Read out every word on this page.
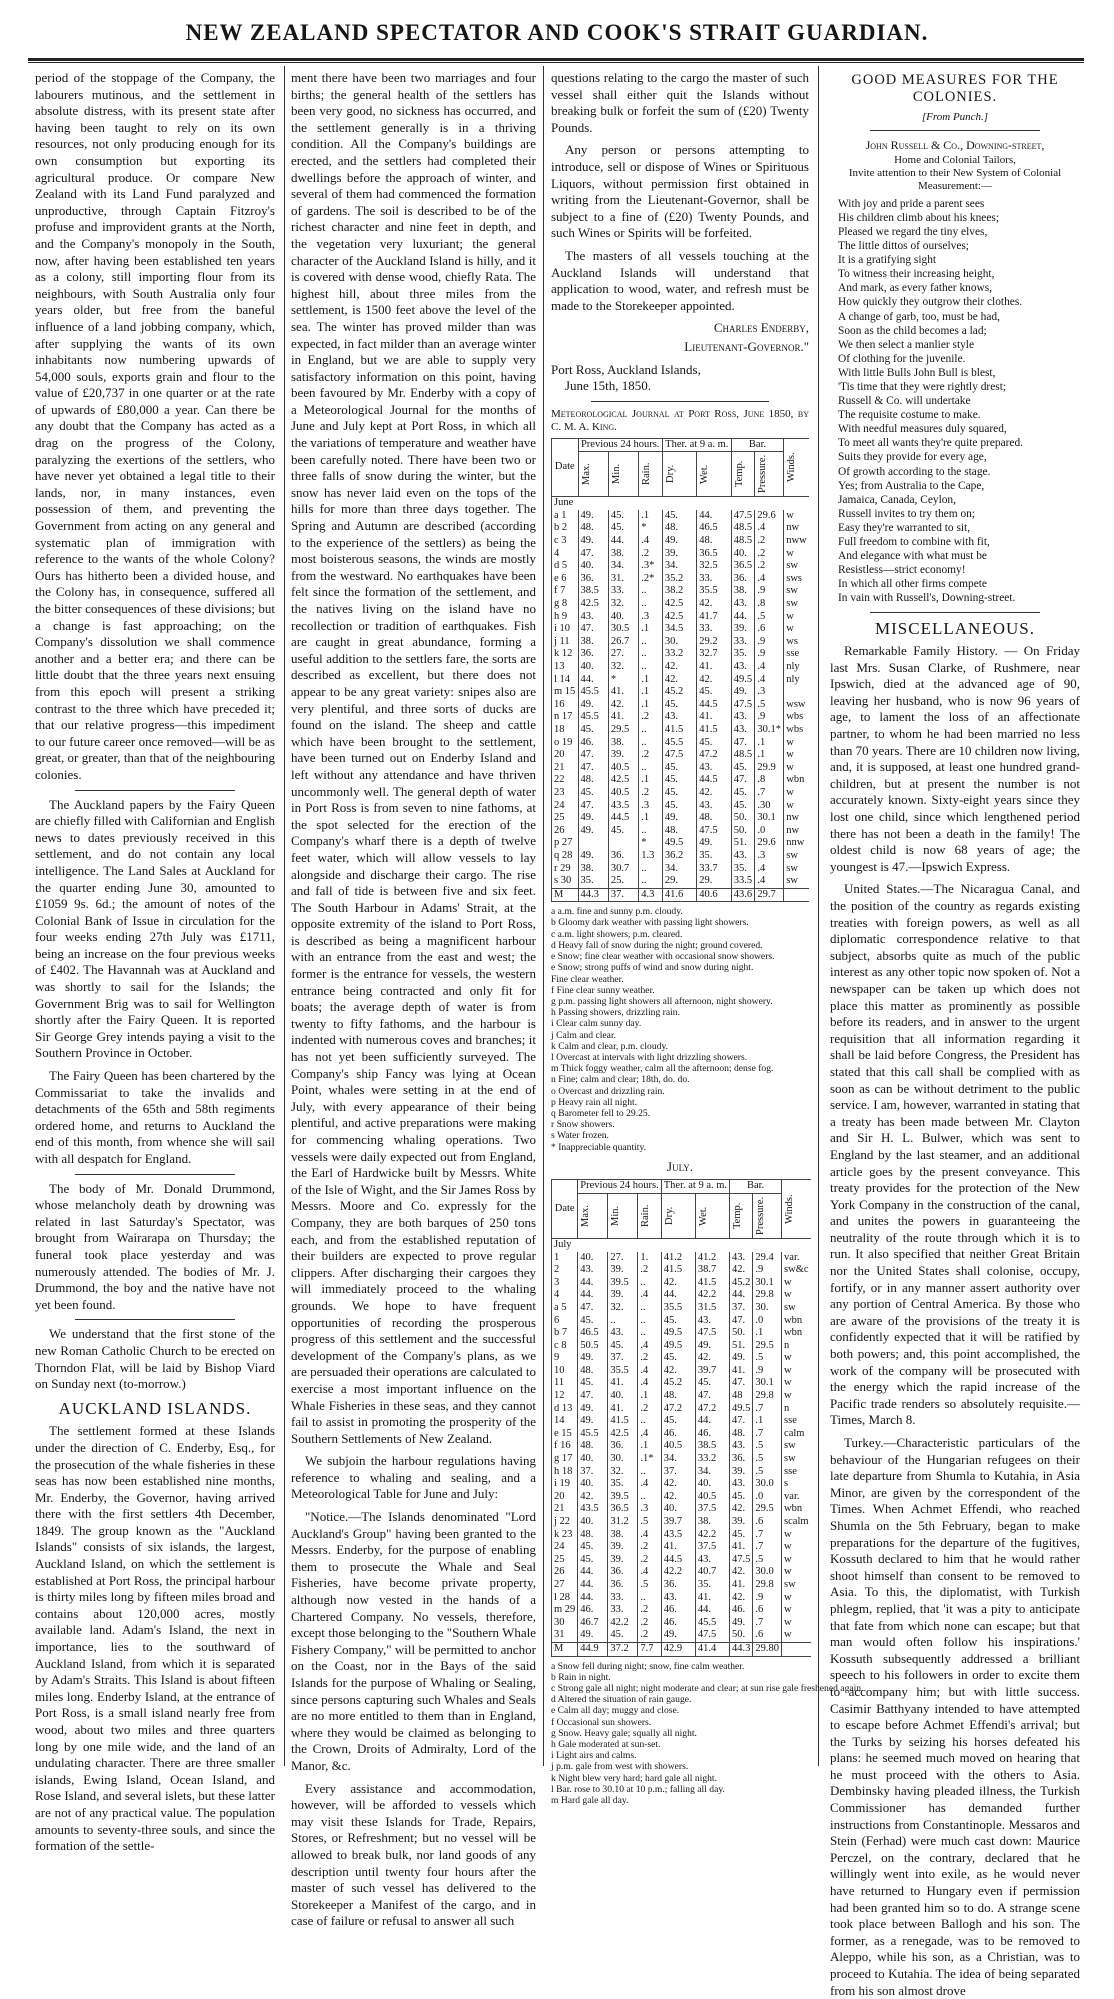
NEW ZEALAND SPECTATOR AND COOK'S STRAIT GUARDIAN.

period of the stoppage of the Company, the labourers mutinous, and the settlement in absolute distress, with its present state after having been taught to rely on its own resources, not only producing enough for its own consumption but exporting its agricultural produce. Or compare New Zealand with its Land Fund paralyzed and unproductive, through Captain Fitzroy's profuse and improvident grants at the North, and the Company's monopoly in the South, now, after having been established ten years as a colony, still importing flour from its neighbours, with South Australia only four years older, but free from the baneful influence of a land jobbing company, which, after supplying the wants of its own inhabitants now numbering upwards of 54,000 souls, exports grain and flour to the value of £20,737 in one quarter or at the rate of upwards of £80,000 a year. Can there be any doubt that the Company has acted as a drag on the progress of the Colony, paralyzing the exertions of the settlers, who have never yet obtained a legal title to their lands, nor, in many instances, even possession of them, and preventing the Government from acting on any general and systematic plan of immigration with reference to the wants of the whole Colony? Ours has hitherto been a divided house, and the Colony has, in consequence, suffered all the bitter consequences of these divisions; but a change is fast approaching; on the Company's dissolution we shall commence another and a better era; and there can be little doubt that the three years next ensuing from this epoch will present a striking contrast to the three which have preceded it; that our relative progress—this impediment to our future career once removed—will be as great, or greater, than that of the neighbouring colonies.

The Auckland papers by the Fairy Queen are chiefly filled with Californian and English news to dates previously received in this settlement, and do not contain any local intelligence. The Land Sales at Auckland for the quarter ending June 30, amounted to £1059 9s. 6d.; the amount of notes of the Colonial Bank of Issue in circulation for the four weeks ending 27th July was £1711, being an increase on the four previous weeks of £402. The Havannah was at Auckland and was shortly to sail for the Islands; the Government Brig was to sail for Wellington shortly after the Fairy Queen. It is reported Sir George Grey intends paying a visit to the Southern Province in October.

The Fairy Queen has been chartered by the Commissariat to take the invalids and detachments of the 65th and 58th regiments ordered home, and returns to Auckland the end of this month, from whence she will sail with all despatch for England.

The body of Mr. Donald Drummond, whose melancholy death by drowning was related in last Saturday's Spectator, was brought from Wairarapa on Thursday; the funeral took place yesterday and was numerously attended. The bodies of Mr. J. Drummond, the boy and the native have not yet been found.

We understand that the first stone of the new Roman Catholic Church to be erected on Thorndon Flat, will be laid by Bishop Viard on Sunday next (to-morrow.)

AUCKLAND ISLANDS.

The settlement formed at these Islands under the direction of C. Enderby, Esq., for the prosecution of the whale fisheries in these seas has now been established nine months, Mr. Enderby, the Governor, having arrived there with the first settlers 4th December, 1849. The group known as the "Auckland Islands" consists of six islands, the largest, Auckland Island, on which the settlement is established at Port Ross, the principal harbour is thirty miles long by fifteen miles broad and contains about 120,000 acres, mostly available land. Adam's Island, the next in importance, lies to the southward of Auckland Island, from which it is separated by Adam's Straits. This Island is about fifteen miles long. Enderby Island, at the entrance of Port Ross, is a small island nearly free from wood, about two miles and three quarters long by one mile wide, and the land of an undulating character. There are three smaller islands, Ewing Island, Ocean Island, and Rose Island, and several islets, but these latter are not of any practical value. The population amounts to seventy-three souls, and since the formation of the settle-

ment there have been two marriages and four births; the general health of the settlers has been very good, no sickness has occurred, and the settlement generally is in a thriving condition. All the Company's buildings are erected, and the settlers had completed their dwellings before the approach of winter, and several of them had commenced the formation of gardens. The soil is described to be of the richest character and nine feet in depth, and the vegetation very luxuriant; the general character of the Auckland Island is hilly, and it is covered with dense wood, chiefly Rata. The highest hill, about three miles from the settlement, is 1500 feet above the level of the sea. The winter has proved milder than was expected, in fact milder than an average winter in England, but we are able to supply very satisfactory information on this point, having been favoured by Mr. Enderby with a copy of a Meteorological Journal for the months of June and July kept at Port Ross, in which all the variations of temperature and weather have been carefully noted. There have been two or three falls of snow during the winter, but the snow has never laid even on the tops of the hills for more than three days together. The Spring and Autumn are described (according to the experience of the settlers) as being the most boisterous seasons, the winds are mostly from the westward. No earthquakes have been felt since the formation of the settlement, and the natives living on the island have no recollection or tradition of earthquakes. Fish are caught in great abundance, forming a useful addition to the settlers fare, the sorts are described as excellent, but there does not appear to be any great variety: snipes also are very plentiful, and three sorts of ducks are found on the island. The sheep and cattle which have been brought to the settlement, have been turned out on Enderby Island and left without any attendance and have thriven uncommonly well. The general depth of water in Port Ross is from seven to nine fathoms, at the spot selected for the erection of the Company's wharf there is a depth of twelve feet water, which will allow vessels to lay alongside and discharge their cargo. The rise and fall of tide is between five and six feet. The South Harbour in Adams' Strait, at the opposite extremity of the island to Port Ross, is described as being a magnificent harbour with an entrance from the east and west; the former is the entrance for vessels, the western entrance being contracted and only fit for boats; the average depth of water is from twenty to fifty fathoms, and the harbour is indented with numerous coves and branches; it has not yet been sufficiently surveyed. The Company's ship Fancy was lying at Ocean Point, whales were setting in at the end of July, with every appearance of their being plentiful, and active preparations were making for commencing whaling operations. Two vessels were daily expected out from England, the Earl of Hardwicke built by Messrs. White of the Isle of Wight, and the Sir James Ross by Messrs. Moore and Co. expressly for the Company, they are both barques of 250 tons each, and from the established reputation of their builders are expected to prove regular clippers. After discharging their cargoes they will immediately proceed to the whaling grounds. We hope to have frequent opportunities of recording the prosperous progress of this settlement and the successful development of the Company's plans, as we are persuaded their operations are calculated to exercise a most important influence on the Whale Fisheries in these seas, and they cannot fail to assist in promoting the prosperity of the Southern Settlements of New Zealand.

We subjoin the harbour regulations having reference to whaling and sealing, and a Meteorological Table for June and July:

"Notice.—The Islands denominated "Lord Auckland's Group" having been granted to the Messrs. Enderby, for the purpose of enabling them to prosecute the Whale and Seal Fisheries, have become private property, although now vested in the hands of a Chartered Company. No vessels, therefore, except those belonging to the "Southern Whale Fishery Company," will be permitted to anchor on the Coast, nor in the Bays of the said Islands for the purpose of Whaling or Sealing, since persons capturing such Whales and Seals are no more entitled to them than in England, where they would be claimed as belonging to the Crown, Droits of Admiralty, Lord of the Manor, &c.

Every assistance and accommodation, however, will be afforded to vessels which may visit these Islands for Trade, Repairs, Stores, or Refreshment; but no vessel will be allowed to break bulk, nor land goods of any description until twenty four hours after the master of such vessel has delivered to the Storekeeper a Manifest of the cargo, and in case of failure or refusal to answer all such

questions relating to the cargo the master of such vessel shall either quit the Islands without breaking bulk or forfeit the sum of (£20) Twenty Pounds.

Any person or persons attempting to introduce, sell or dispose of Wines or Spirituous Liquors, without permission first obtained in writing from the Lieutenant-Governor, shall be subject to a fine of (£20) Twenty Pounds, and such Wines or Spirits will be forfeited.

The masters of all vessels touching at the Auckland Islands will understand that application to wood, water, and refresh must be made to the Storekeeper appointed.

Charles Enderby,
Lieutenant-Governor."
Port Ross, Auckland Islands,
June 15th, 1850.
Meteorological Journal at Port Ross, June 1850, by C. M. A. King.
Date	Previous 24 hours.			Ther. at 9 a. m.		Bar.		Winds.

	Max.	Min.	Rain.	Dry.	Wet.	Temp.	Pressure.	

June								
a 1	49.	45.	.1	45.	44.	47.5	29.6	w
b 2	48.	45.	*	48.	46.5	48.5	.4	nw
c 3	49.	44.	.4	49.	48.	48.5	.2	nww
4	47.	38.	.2	39.	36.5	40.	.2	w
d 5	40.	34.	.3*	34.	32.5	36.5	.2	sw
e 6	36.	31.	.2*	35.2	33.	36.	.4	sws
f 7	38.5	33.	..	38.2	35.5	38.	.9	sw
g 8	42.5	32.	..	42.5	42.	43.	.8	sw
h 9	43.	40.	.3	42.5	41.7	44.	.5	w
i 10	47.	30.5	.1	34.5	33.	39.	.6	w
j 11	38.	26.7	..	30.	29.2	33.	.9	ws
k 12	36.	27.	..	33.2	32.7	35.	.9	sse
13	40.	32.	..	42.	41.	43.	.4	nly
l 14	44.	*	.1	42.	42.	49.5	.4	nly
m 15	45.5	41.	.1	45.2	45.	49.	.3	
16	49.	42.	.1	45.	44.5	47.5	.5	wsw
n 17	45.5	41.	.2	43.	41.	43.	.9	wbs
18	45.	29.5	..	41.5	41.5	43.	30.1*	wbs
o 19	46.	38.	..	45.5	45.	47.	.1	w
20	47.	39.	.2	47.5	47.2	48.5	.1	w
21	47.	40.5	..	45.	43.	45.	29.9	w
22	48.	42.5	.1	45.	44.5	47.	.8	wbn
23	45.	40.5	.2	45.	42.	45.	.7	w
24	47.	43.5	.3	45.	43.	45.	.30	w
25	49.	44.5	.1	49.	48.	50.	30.1	nw
26	49.	45.	..	48.	47.5	50.	.0	nw
p 27			*	49.5	49.	51.	29.6	nnw
q 28	49.	36.	1.3	36.2	35.	43.	.3	sw
r 29	38.	30.7	..	34.	33.7	35.	.4	sw
s 30	35.	25.	..	29.	29.	33.5	.4	sw
M	44.3	37.	4.3	41.6	40.6	43.6	29.7	
a a.m. fine and sunny p.m. cloudy.
b Gloomy dark weather with passing light showers.
c a.m. light showers, p.m. cleared.
d Heavy fall of snow during the night; ground covered.
e Snow; fine clear weather with occasional snow showers.
e Snow; strong puffs of wind and snow during night.
Fine clear weather.
f Fine clear sunny weather.
g p.m. passing light showers all afternoon, night showery.
h Passing showers, drizzling rain.
i Clear calm sunny day.
j Calm and clear.
k Calm and clear, p.m. cloudy.
l Overcast at intervals with light drizzling showers.
m Thick foggy weather, calm all the afternoon; dense fog.
n Fine; calm and clear; 18th, do. do.
o Overcast and drizzling rain.
p Heavy rain all night.
q Barometer fell to 29.25.
r Snow showers.
s Water frozen.
* Inappreciable quantity.
July.
Date	Previous 24 hours.			Ther. at 9 a. m.		Bar.		Winds.

	Max.	Min.	Rain.	Dry.	Wet.	Temp.	Pressure.	

July								
1	40.	27.	1.	41.2	41.2	43.	29.4	var.
2	43.	39.	.2	41.5	38.7	42.	.9	sw&c
3	44.	39.5	..	42.	41.5	45.2	30.1	w
4	44.	39.	.4	44.	42.2	44.	29.8	w
a 5	47.	32.	..	35.5	31.5	37.	30.	sw
6	45.	..	..	45.	43.	47.	.0	wbn
b 7	46.5	43.	..	49.5	47.5	50.	.1	wbn
c 8	50.5	45.	.4	49.5	49.	51.	29.5	n
9	49.	37.	.2	45.	42.	49.	.5	w
10	48.	35.5	.4	42.	39.7	41.	.9	w
11	45.	41.	.4	45.2	45.	47.	30.1	w
12	47.	40.	.1	48.	47.	48	29.8	w
d 13	49.	41.	.2	47.2	47.2	49.5	.7	n
14	49.	41.5	..	45.	44.	47.	.1	sse
e 15	45.5	42.5	.4	46.	46.	48.	.7	calm
f 16	48.	36.	.1	40.5	38.5	43.	.5	sw
g 17	40.	30.	.1*	34.	33.2	36.	.5	sw
h 18	37.	32.	..	37.	34.	39.	.5	sse
i 19	40.	35.	.4	42.	40.	43.	30.0	s
20	42.	39.5	..	42.	40.5	45.	.0	var.
21	43.5	36.5	.3	40.	37.5	42.	29.5	wbn
j 22	40.	31.2	.5	39.7	38.	39.	.6	scalm
k 23	48.	38.	.4	43.5	42.2	45.	.7	w
24	45.	39.	.2	41.	37.5	41.	.7	w
25	45.	39.	.2	44.5	43.	47.5	.5	w
26	44.	36.	.4	42.2	40.7	42.	30.0	w
27	44.	36.	.5	36.	35.	41.	29.8	sw
l 28	44.	33.	..	43.	41.	42.	.9	w
m 29	46.	33.	.2	46.	44.	46.	.6	w
30	46.7	42.2	.2	46.	45.5	49.	.7	w
31	49.	45.	.2	49.	47.5	50.	.6	w
M	44.9	37.2	7.7	42.9	41.4	44.3	29.80	
a Snow fell during night; snow, fine calm weather.
b Rain in night.
c Strong gale all night; night moderate and clear; at sun rise gale freshened again.
d Altered the situation of rain gauge.
e Calm all day; muggy and close.
f Occasional sun showers.
g Snow. Heavy gale; squally all night.
h Gale moderated at sun-set.
i Light airs and calms.
j p.m. gale from west with showers.
k Night blew very hard; hard gale all night.
l Bar. rose to 30.10 at 10 p.m.; falling all day.
m Hard gale all day.
GOOD MEASURES FOR THE COLONIES.
[From Punch.]
John Russell & Co., Downing-street,
Home and Colonial Tailors,
Invite attention to their New System of Colonial Measurement:—
With joy and pride a parent sees
His children climb about his knees;
Pleased we regard the tiny elves,
The little dittos of ourselves;
It is a gratifying sight
To witness their increasing height,
And mark, as every father knows,
How quickly they outgrow their clothes.
A change of garb, too, must be had,
Soon as the child becomes a lad;
We then select a manlier style
Of clothing for the juvenile.
With little Bulls John Bull is blest,
'Tis time that they were rightly drest;
Russell & Co. will undertake
The requisite costume to make.
With needful measures duly squared,
To meet all wants they're quite prepared.
Suits they provide for every age,
Of growth according to the stage.
Yes; from Australia to the Cape,
Jamaica, Canada, Ceylon,
Russell invites to try them on;
Easy they're warranted to sit,
Full freedom to combine with fit,
And elegance with what must be
Resistless—strict economy!
In which all other firms compete
In vain with Russell's, Downing-street.
MISCELLANEOUS.

Remarkable Family History. — On Friday last Mrs. Susan Clarke, of Rushmere, near Ipswich, died at the advanced age of 90, leaving her husband, who is now 96 years of age, to lament the loss of an affectionate partner, to whom he had been married no less than 70 years. There are 10 children now living, and, it is supposed, at least one hundred grand-children, but at present the number is not accurately known. Sixty-eight years since they lost one child, since which lengthened period there has not been a death in the family! The oldest child is now 68 years of age; the youngest is 47.—Ipswich Express.

United States.—The Nicaragua Canal, and the position of the country as regards existing treaties with foreign powers, as well as all diplomatic correspondence relative to that subject, absorbs quite as much of the public interest as any other topic now spoken of. Not a newspaper can be taken up which does not place this matter as prominently as possible before its readers, and in answer to the urgent requisition that all information regarding it shall be laid before Congress, the President has stated that this call shall be complied with as soon as can be without detriment to the public service. I am, however, warranted in stating that a treaty has been made between Mr. Clayton and Sir H. L. Bulwer, which was sent to England by the last steamer, and an additional article goes by the present conveyance. This treaty provides for the protection of the New York Company in the construction of the canal, and unites the powers in guaranteeing the neutrality of the route through which it is to run. It also specified that neither Great Britain nor the United States shall colonise, occupy, fortify, or in any manner assert authority over any portion of Central America. By those who are aware of the provisions of the treaty it is confidently expected that it will be ratified by both powers; and, this point accomplished, the work of the company will be prosecuted with the energy which the rapid increase of the Pacific trade renders so absolutely requisite.—Times, March 8.

Turkey.—Characteristic particulars of the behaviour of the Hungarian refugees on their late departure from Shumla to Kutahia, in Asia Minor, are given by the correspondent of the Times. When Achmet Effendi, who reached Shumla on the 5th February, began to make preparations for the departure of the fugitives, Kossuth declared to him that he would rather shoot himself than consent to be removed to Asia. To this, the diplomatist, with Turkish phlegm, replied, that 'it was a pity to anticipate that fate from which none can escape; but that man would often follow his inspirations.' Kossuth subsequently addressed a brilliant speech to his followers in order to excite them to accompany him; but with little success. Casimir Batthyany intended to have attempted to escape before Achmet Effendi's arrival; but the Turks by seizing his horses defeated his plans: he seemed much moved on hearing that he must proceed with the others to Asia. Dembinsky having pleaded illness, the Turkish Commissioner has demanded further instructions from Constantinople. Messaros and Stein (Ferhad) were much cast down: Maurice Perczel, on the contrary, declared that he willingly went into exile, as he would never have returned to Hungary even if permission had been granted him so to do. A strange scene took place between Ballogh and his son. The former, as a renegade, was to be removed to Aleppo, while his son, as a Christian, was to proceed to Kutahia. The idea of being separated from his son almost drove
